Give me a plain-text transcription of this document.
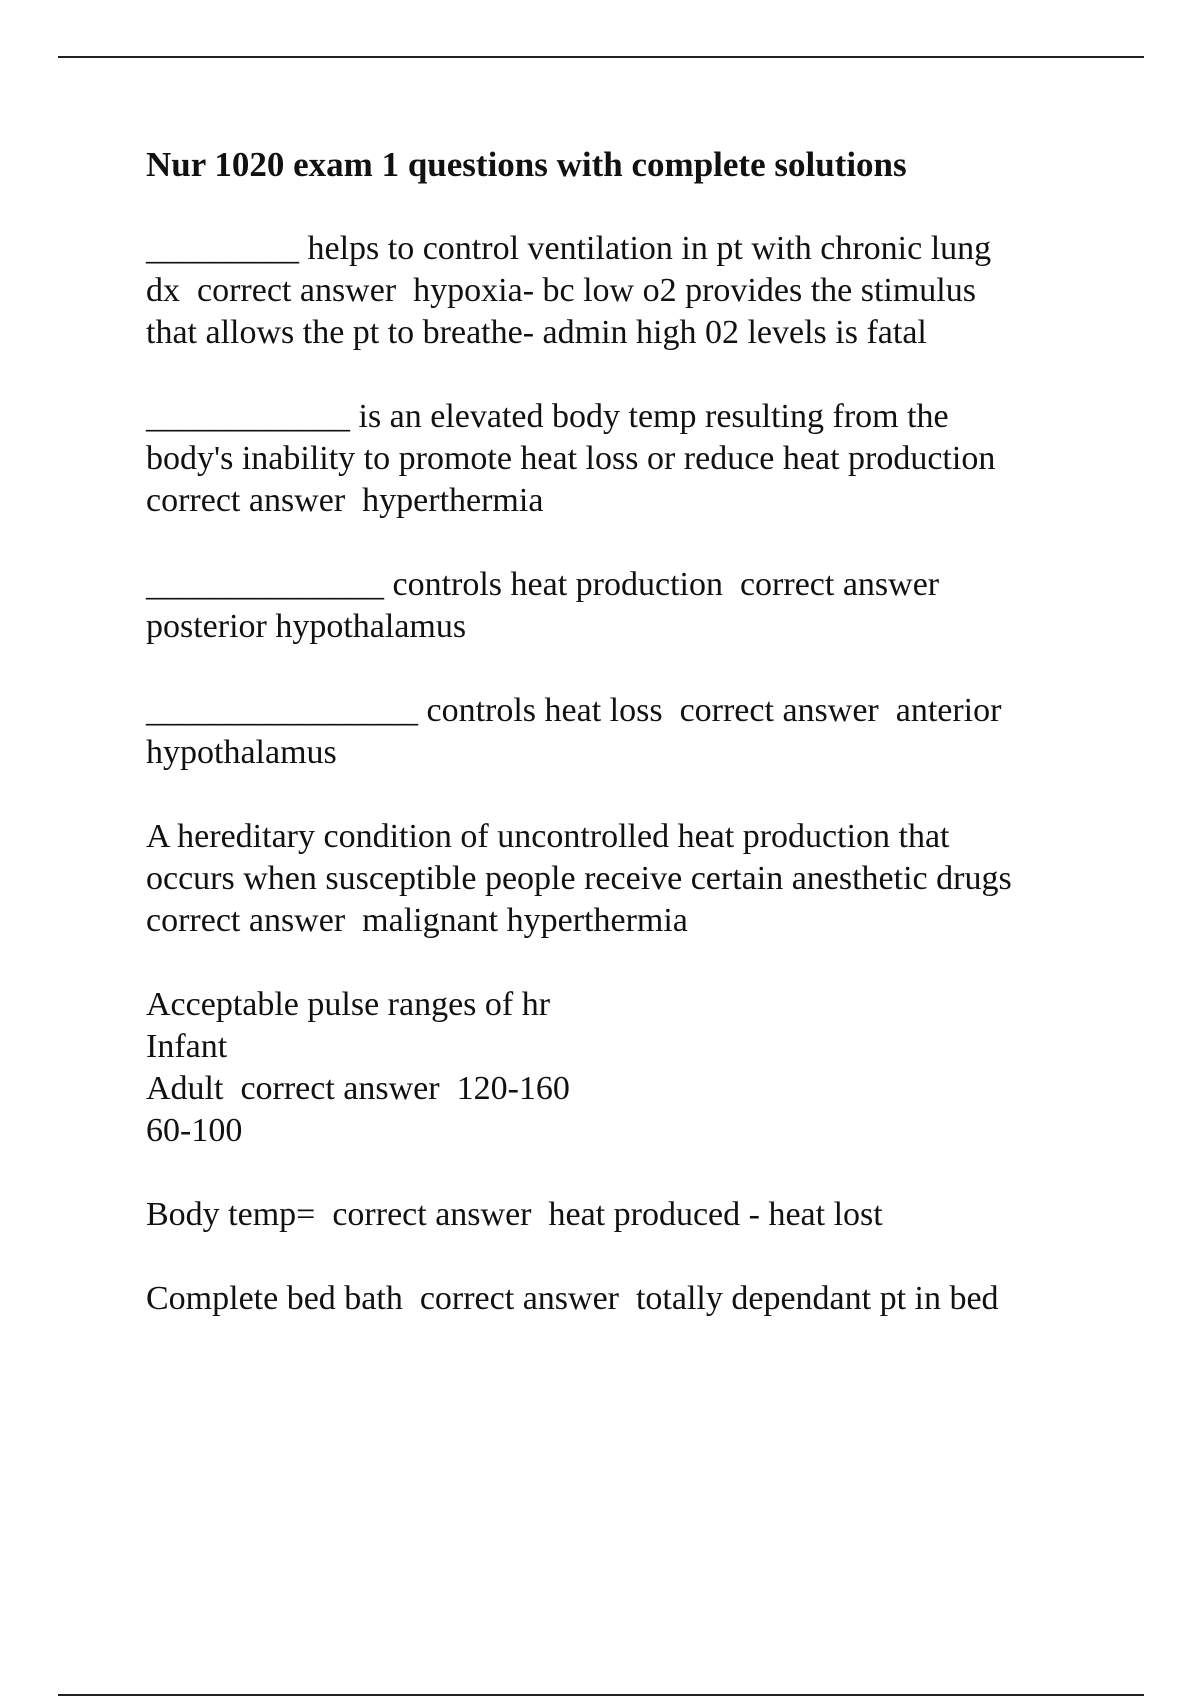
Nur 1020 exam 1 questions with complete solutions

_________ helps to control ventilation in pt with chronic lung
dx  correct answer  hypoxia- bc low o2 provides the stimulus
that allows the pt to breathe- admin high 02 levels is fatal

____________ is an elevated body temp resulting from the
body's inability to promote heat loss or reduce heat production
correct answer  hyperthermia

______________ controls heat production  correct answer
posterior hypothalamus

________________ controls heat loss  correct answer  anterior
hypothalamus

A hereditary condition of uncontrolled heat production that
occurs when susceptible people receive certain anesthetic drugs
correct answer  malignant hyperthermia

Acceptable pulse ranges of hr
Infant
Adult  correct answer  120-160
60-100

Body temp=  correct answer  heat produced - heat lost

Complete bed bath  correct answer  totally dependant pt in bed
